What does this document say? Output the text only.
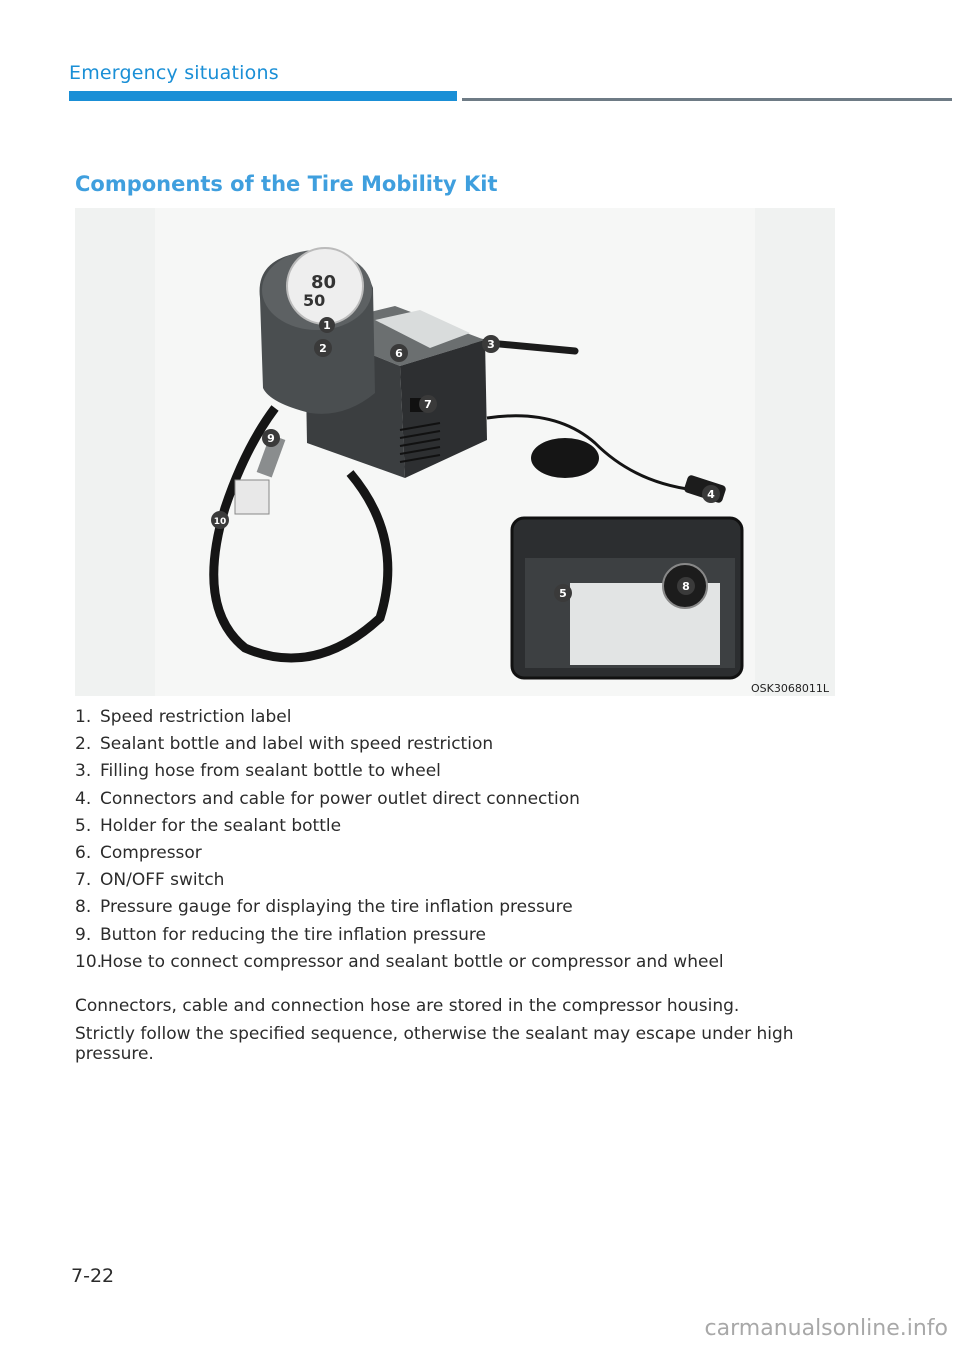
Emergency situations
Components of the Tire Mobility Kit
80
50
1
2	3
4
5
6
7
8
9
10
OSK3068011L
1. Speed restriction label
2. Sealant bottle and label with speed restriction
3. Filling hose from sealant bottle to wheel
4. Connectors and cable for power outlet direct connection
5. Holder for the sealant bottle
6. Compressor
7. ON/OFF switch
8. Pressure gauge for displaying the tire inflation pressure
9. Button for reducing the tire inflation pressure
10.
Hose to connect compressor and sealant bottle or compressor and wheel

Connectors, cable and connection hose are stored in the compressor housing.

Strictly follow the specified sequence, otherwise the sealant may escape under high pressure.

7-22
carmanualsonline.info
